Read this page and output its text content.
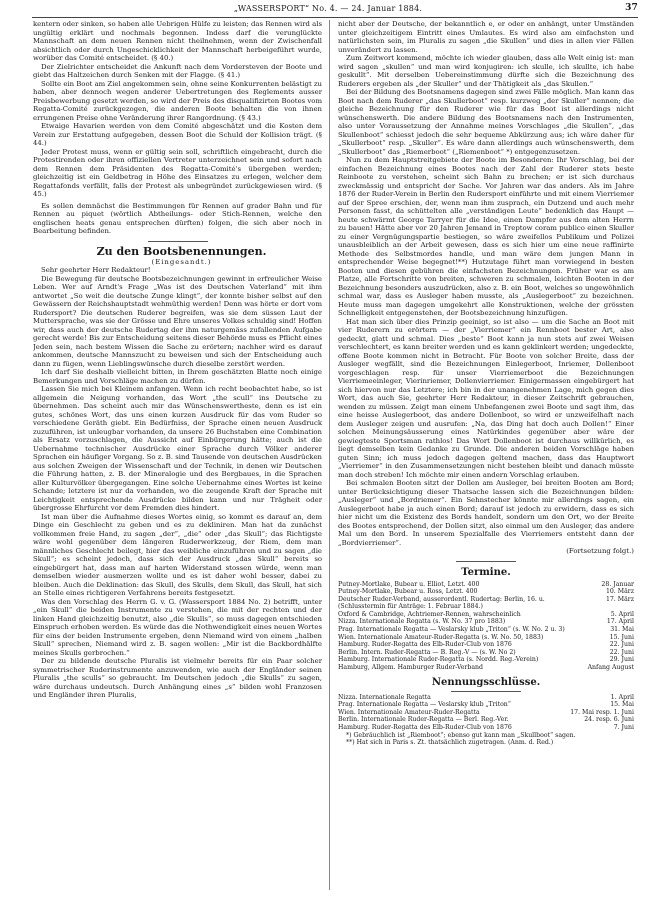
„WASSERSPORT“ No. 4. — 24. Januar 1884.	37

kentern oder sinken, so haben alle Uebrigen Hülfe zu leisten; das Rennen wird als ungültig erklärt und nochmals begonnen. Indess darf die verunglückte Mannschaft an dem neuen Rennen nicht theilnehmen, wenn der Zwischenfall absichtlich oder durch Ungeschicklichkeit der Mannschaft herbeigeführt wurde, worüber das Comité entscheidet. (§ 40.)

Der Zielrichter entscheidet die Ankunft nach dem Vordersteven der Boote und giebt das Haltzeichen durch Senken mit der Flagge. (§ 41.)

Sollte ein Boot am Ziel angekommen sein, ohne seine Konkurrenten belästigt zu haben, aber dennoch wegen anderer Uebertretungen des Reglements ausser Preisbewerbung gesetzt werden, so wird der Preis des disqualifizirten Bootes vom Regatta-Comité zurückgezogen, die anderen Boote behalten die von ihnen errungenen Preise ohne Veränderung ihrer Rangordnung. (§ 43.)

Etwaige Havarien werden von dem Comité abgeschätzt und die Kosten dem Verein zur Erstattung aufgegeben, dessen Boot die Schuld der Kollision trägt. (§ 44.)

Jeder Protest muss, wenn er gültig sein soll, schriftlich eingebracht, durch die Protestirenden oder ihren offiziellen Vertreter unterzeichnet sein und sofort nach dem Rennen dem Präsidenten des Regatta-Comité's übergeben werden; gleichzeitig ist ein Geldbetrag in Höhe des Einsatzes zu erlegen, welcher dem Regattafonds verfällt, falls der Protest als unbegründet zurückgewiesen wird. (§ 45.)

Es sollen demnächst die Bestimmungen für Rennen auf grader Bahn und für Rennen au piquet (wörtlich Abtheilungs- oder Stich-Rennen, welche den englischen heats genau entsprechen dürften) folgen, die sich aber noch in Bearbeitung befinden.

Zu den Bootsbenennungen.

(Eingesandt.)

Sehr geehrter Herr Redakteur!

Die Bewegung für deutsche Bootsbezeichnungen gewinnt in erfreulicher Weise Leben. Wer auf Arndt's Frage „Was ist des Deutschen Vaterland“ mit ihm antwortet „So weit die deutsche Zunge klingt“, der konnte bisher selbst auf den Gewässern der Reichshauptstadt wehmüthig werden! Denn was hörte er dort vom Rudersport? Die deutschen Ruderer begreifen, was sie dem süssen Laut der Muttersprache, was sie der Grösse und Ehre unseres Volkes schuldig sind! Hoffen wir, dass auch der deutsche Rudertag der ihm naturgemäss zufallenden Aufgabe gerecht werde! Bis zur Entscheidung seitens dieser Behörde muss es Pflicht eines Jeden sein, nach bestem Wissen die Sache zu erörtern; nachher wird es darauf ankommen, deutsche Mannszucht zu beweisen und sich der Entscheidung auch dann zu fügen, wenn Lieblingswünsche durch dieselbe zerstört werden.

Ich darf Sie deshalb vielleicht bitten, in Ihrem geschätzten Blatte noch einige Bemerkungen und Vorschläge machen zu dürfen.

Lassen Sie mich bei Kleinem anfangen. Wenn ich recht beobachtet habe, so ist allgemein die Neigung vorhanden, das Wort „the scull“ ins Deutsche zu übernehmen. Das scheint auch mir das Wünschenswertheste, denn es ist ein gutes, schönes Wort, das uns einen kurzen Ausdruck für das vom Ruder so verschiedene Geräth giebt. Ein Bedürfniss, der Sprache einen neuen Ausdruck zuzuführen, ist unleugbar vorhanden, da unsere 26 Buchstaben eine Combination als Ersatz vorzuschlagen, die Aussicht auf Einbürgerung hätte; auch ist die Uebernahme technischer Ausdrücke einer Sprache durch Völker anderer Sprachen ein häufiger Vorgang. So z. B. sind Tausende von deutschen Ausdrücken aus solchen Zweigen der Wissenschaft und der Technik, in denen wir Deutschen die Führung hatten, z. B. der Mineralogie und des Bergbaues, in die Sprachen aller Kulturvölker übergegangen. Eine solche Uebernahme eines Wortes ist keine Schande; letztere ist nur da vorhanden, wo die zeugende Kraft der Sprache mit Leichtigkeit entsprechende Ausdrücke bilden kann und nur Trägheit oder übergrosse Ehrfurcht vor dem Fremden dies hindert.

Ist man über die Aufnahme dieses Wortes einig, so kommt es darauf an, dem Dinge ein Geschlecht zu geben und es zu dekliniren. Man hat da zunächst vollkommen freie Hand, zu sagen „der“, „die“ oder „das Skull“; das Richtigste wäre wohl gegenüber dem längeren Ruderwerkzeug, der Riem, dem man männliches Geschlecht beilegt, hier das weibliche einzuführen und zu sagen „die Skull“; es scheint jedoch, dass sich der Ausdruck „das Skull“ bereits so eingebürgert hat, dass man auf harten Widerstand stossen würde, wenn man demselben wieder ausmerzen wollte und es ist daher wohl besser, dabei zu bleiben. Auch die Deklination: das Skull, des Skulls, dem Skull, das Skull, hat sich an Stelle eines richtigeren Verfahrens bereits festgesetzt.

Was den Vorschlag des Herrn G. v. G. (Wassersport 1884 No. 2) betrifft, unter „ein Skull“ die beiden Instrumente zu verstehen, die mit der rechten und der linken Hand gleichzeitig benutzt, also „die Skulls“, so muss dagegen entschieden Einspruch erhoben werden. Es würde das die Nothwendigkeit eines neuen Wortes für eins der beiden Instrumente ergeben, denn Niemand wird von einem „halben Skull“ sprechen, Niemand wird z. B. sagen wollen: „Mir ist die Backbordhälfte meines Skulls gerbrochen.“

Der zu bildende deutsche Pluralis ist vielmehr bereits für ein Paar solcher symmetrischer Ruderinstrumente anzuwenden, wie auch der Engländer seinen Pluralis „the sculls“ so gebraucht. Im Deutschen jedoch „die Skulls“ zu sagen, wäre durchaus undeutsch. Durch Anhängung eines „s“ bilden wohl Franzosen und Engländer ihren Pluralis,

nicht aber der Deutsche, der bekanntlich e, er oder en anhängt, unter Umständen unter gleichzeitigem Eintritt eines Umlautes. Es wird also am einfachsten und natürlichsten sein, im Pluralis zu sagen „die Skullen“ und dies in allen vier Fällen unverändert zu lassen.

Zum Zeitwort kommend, möchte ich wieder glauben, dass alle Welt einig ist: man wird sagen „skullen“ und man wird konjugiren: ich skulle, ich skullte, ich habe geskullt“. Mit derselben Uebereinstimmung dürfte sich die Bezeichnung des Ruderers ergeben als „der Skuller“ und der Thätigkeit als „das Skullen.“

Bei der Bildung des Bootsnamens dagegen sind zwei Fälle möglich. Man kann das Boot nach dem Ruderer „das Skullerboot“ resp. kurzweg „der Skuller“ nennen; die gleiche Bezeichnung für den Ruderer wie für das Boot ist allerdings nicht wünschenswerth. Die andere Bildung des Bootsnamens nach den Instrumenten, also unter Voraussetzung der Annahme meines Vorschlages „die Skullen“, „das Skullenboot“ schiesst jedoch die sehr bequeme Abkürzung aus; ich wäre daher für „Skullerboot“ resp. „Skuller“. Es wäre dann allerdings auch wünschenswerth, dem „Skullerboot“ das „Riemerboot“ („Riemenboot“ *) entgegenzusetzen.

Nun zu dem Hauptstreitgebiete der Boote im Besonderen: Ihr Vorschlag, bei der einfachen Bezeichnung eines Bootes nach der Zahl der Ruderer stets beste Reinboote zu verstehen, scheint sich Bahn zu brechen; er ist sich durchaus zweckmässig und entspricht der Sache. Vor Jahren war das anders. Als im Jahre 1876 der Ruder-Verein in Berlin den Rudersport einführte und mit einem Vierriemer auf der Spree erschien, der, wenn man ihm zusprach, ein Dutzend und auch mehr Personen fasst, da schüttelten alle „verständigen Leute“ bedenklich das Haupt — heute schwärmt George Tarryer für die Idee, einen Dampfer aus dem alten Herrn zu bauen! Hätte aber vor 20 Jahren Jemand in Treptow coram publico einen Skuller zu einer Vergnügungspartie bestiegen, so wäre zweifellos Publikum und Polizei unausbleiblich an der Arbeit gewesen, dass es sich hier um eine neue raffinirte Methode des Selbstmordes handle, und man wäre dem jungen Mann in entsprechender Weise begegnet!**) Hutzutage führt man vorwiegend in besten Booten und diesen gebühren die einfachsten Bezeichnungen. Früher war es am Platze, alle Fortschritte von breiten, schweren zu schmalen, leichten Booten in der Bezeichnung besonders auszudrücken, also z. B. ein Boot, welches so ungewöhnlich schmal war, dass es Ausleger haben musste, als „Auslegerboot“ zu bezeichnen. Heute muss man dagegen umgekehrt alle Konstruktionen, welche der grössten Schnelligkeit entgegenstehen, der Bootsbezeichnung hinzufügen.

Hat man sich über dies Prinzip geeinigt, so ist also — um die Sache an Boot mit vier Ruderern zu erörtern — der „Vierriemer“ ein Rennboot bester Art, also gedeckt, glatt und schmal. Dies „beste“ Boot kann ja nun stets auf zwei Weisen verschlechtert, es kann breiter werden und es kann geklinkert werden; ungedeckte, offene Boote kommen nicht in Betracht. Für Boote von solcher Breite, dass der Ausleger wegfällt, sind die Bezeichnungen Einlegerboot, Inriemer, Dollenboot vorgeschlagen resp. für unser Vierriemerboot die Bezeichnungen Vierriemeeinleger, Vierinriemer, Dollenvierriemer. Einigermassen eingebürgert hat sich hiervon nur das Letztere; ich bin in der unangenehmen Lage, mich gegen dies Wort, das auch Sie, geehrter Herr Redakteur, in dieser Zeitschrift gebrauchen, wenden zu müssen. Zeigt man einem Unbefangenen zwei Boote und sagt ihm, das eine heisse Auslegerboot, das andere Dollenboot, so wird er unzweifelhaft nach dem Ausleger zeigen und ausrufen: „Na, das Ding hat doch auch Dollen!“ Einer solchen Meinungsäusserung eines Natürkindes gegenüber aber wäre der gewiegteste Sportsman rathlos! Das Wort Dollenboot ist durchaus willkürlich, es liegt demselben kein Gedanke zu Grunde. Die anderen beiden Vorschläge haben guten Sinn; ich muss jedoch dagegen geltend machen, dass das Hauptwort „Vierriemer“ in den Zusammensetzungen nicht bestehen bleibt und danach müsste man doch streben! Ich möchte mir einen andern Vorschlag erlauben.

Bei schmalen Booten sitzt der Dollen am Ausleger, bei breiten Booten am Bord; unter Berücksichtigung dieser Thatsache lassen sich die Bezeichnungen bilden: „Ausleger“ und „Bordriemer“. Ein Sehnstecher könnte mir allerdings sagen, ein Auslegerboot habe ja auch einen Bord; darauf ist jedoch zu erwidern, dass es sich hier nicht um die Existenz des Bords handelt, sondern um den Ort, wo der Breite des Bootes entsprechend, der Dollen sitzt, also einmal um den Ausleger, das andere Mal um den Bord. In unserem Spezialfalle des Vierriemers entsteht dann der „Bordvierriemer“.

(Fortsetzung folgt.)

Termine.
Putney-Mortlake, Bubear u. Elliot, Letzt. 400	28. Januar
Putney-Mortlake, Bubear u. Ross, Letzt. 400	10. März
Deutscher Ruder-Verband, ausserordentl. Rudertag: Berlin, 16. u.	17. März
(Schlusstermin für Anträge: 1. Februar 1884.)
Oxford & Cambridge, Achtriemer-Rennen, wahrscheinlich	5. April
Nizza. Internationale Regatta (s. W. No. 37 pro 1883)	17. April
Prag. Internationale Regatta — Veslarsky klub „Triton“ (s. W. No. 2 u. 3)	31. Mai
Wien. Internationale Amateur-Ruder-Regatta (s. W. No. 50, 1883)	15. Juni
Hamburg. Ruder-Regatta des Elb-Ruder-Club von 1876	22. Juni
Berlin. Intern. Ruder-Regatta — B. Reg.-V — (s. W. No 2)	22. Juni
Hamburg. Internationale Ruder-Regatta (s. Nordd. Reg.-Verein)	29. Juni
Hamburg, Allgem. Hamburger Ruder-Verband	Anfang August
Nennungsschlüsse.
Nizza. Internationale Regatta	1. April
Prag. Internationale Regatta — Veslarsky klub „Triton“	15. Mai
Wien. Internationale Amateur-Ruder-Regatta	17. Mai resp. 1. Juni
Berlin. Internationale Ruder-Regatta — Berl. Reg.-Ver.	24. resp. 6. Juni
Hamburg. Ruder-Regatta des Elb-Ruder-Club von 1876	7. Juni

*) Gebräuchlich ist „Riemboot“; ebenso gut kann man „Skullboot“ sagen.

**) Hat sich in Paris s. Zt. thatsächlich zugetragen. (Anm. d. Red.)
